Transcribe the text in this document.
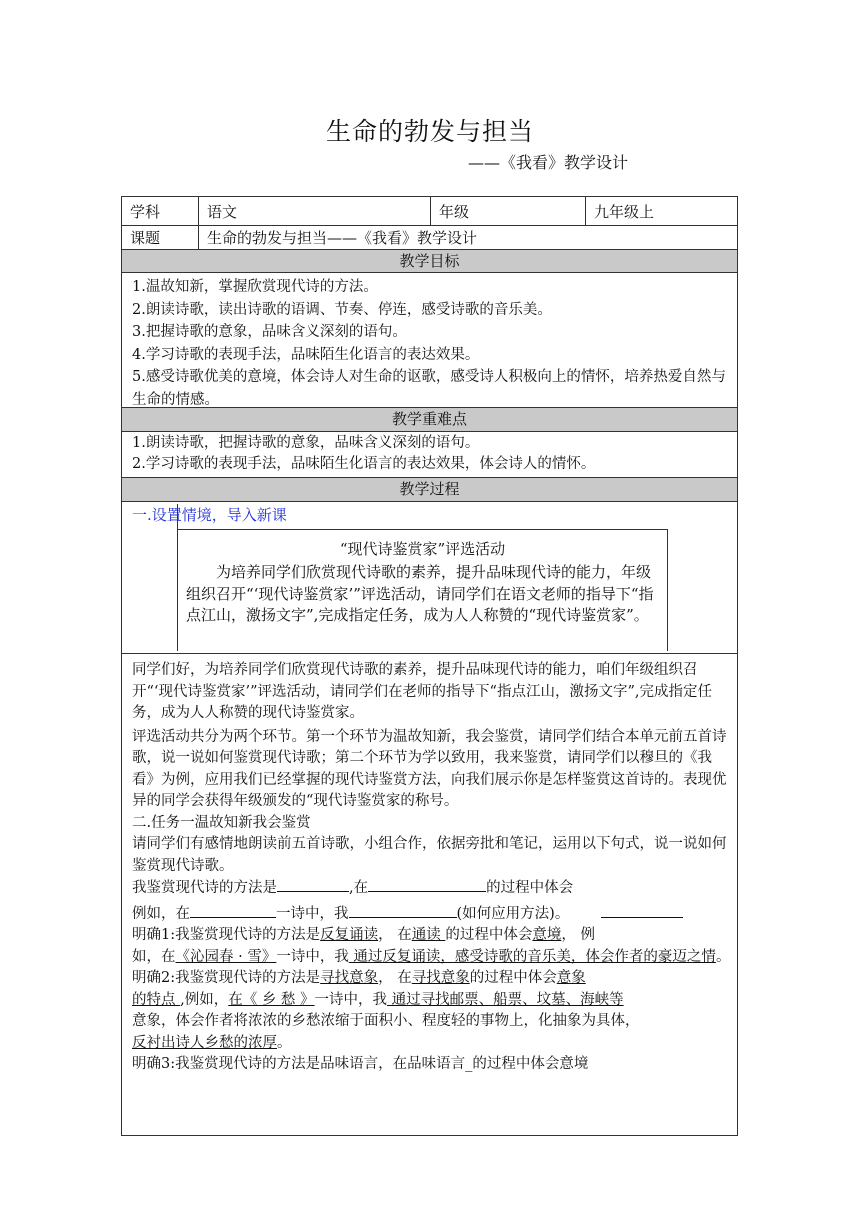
生命的勃发与担当
——《我看》教学设计
学科	语文	年级	九年级上
课题	生命的勃发与担当——《我看》教学设计
教学目标
1.温故知新，掌握欣赏现代诗的方法。
2.朗读诗歌，读出诗歌的语调、节奏、停连，感受诗歌的音乐美。
3.把握诗歌的意象，品味含义深刻的语句。
4.学习诗歌的表现手法，品味陌生化语言的表达效果。
5.感受诗歌优美的意境，体会诗人对生命的讴歌，感受诗人积极向上的情怀，培养热爱自然与生命的情感。
教学重难点
1.朗读诗歌，把握诗歌的意象，品味含义深刻的语句。
2.学习诗歌的表现手法，品味陌生化语言的表达效果，体会诗人的情怀。
教学过程
一.设置情境，导入新课
“现代诗鉴赏家”评选活动
为培养同学们欣赏现代诗歌的素养，提升品味现代诗的能力，年级组织召开“‘现代诗鉴赏家’”评选活动，请同学们在语文老师的指导下“指点江山，激扬文字”,完成指定任务，成为人人称赞的“现代诗鉴赏家”。

同学们好，为培养同学们欣赏现代诗歌的素养，提升品味现代诗的能力，咱们年级组织召开“‘现代诗鉴赏家’”评选活动，请同学们在老师的指导下“指点江山，激扬文字”,完成指定任务，成为人人称赞的现代诗鉴赏家。

评选活动共分为两个环节。第一个环节为温故知新，我会鉴赏，请同学们结合本单元前五首诗歌，说一说如何鉴赏现代诗歌；第二个环节为学以致用，我来鉴赏，请同学们以穆旦的《我看》为例，应用我们已经掌握的现代诗鉴赏方法，向我们展示你是怎样鉴赏这首诗的。表现优异的同学会获得年级颁发的“现代诗鉴赏家的称号。

二.任务一温故知新我会鉴赏

请同学们有感情地朗读前五首诗歌，小组合作，依据旁批和笔记，运用以下句式，说一说如何鉴赏现代诗歌。

我鉴赏现代诗的方法是	,在	的过程中体会

例如，在	一诗中，我	(如何应用方法)。

明确1:我鉴赏现代诗的方法是反复诵读， 在通读 的过程中体会意境， 例
如，在《沁园春 · 雪》一诗中，我 通过反复诵读，感受诗歌的音乐美，体会作者的豪迈之情。

明确2:我鉴赏现代诗的方法是寻找意象， 在寻找意象的过程中体会意象
的特点 ,例如，在《 乡 愁 》一诗中，我 通过寻找邮票、船票、坟墓、海峡等
意象，体会作者将浓浓的乡愁浓缩于面积小、程度轻的事物上，化抽象为具体，
反衬出诗人乡愁的浓厚。

明确3:我鉴赏现代诗的方法是品味语言，在品味语言_的过程中体会意境
